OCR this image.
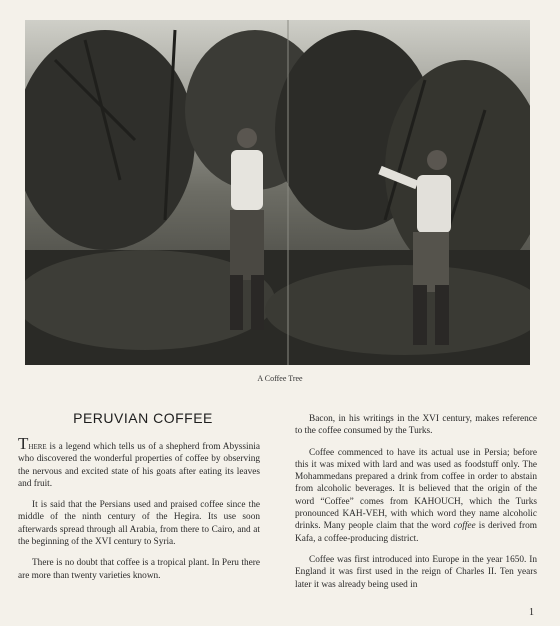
A Coffee Tree
PERUVIAN COFFEE

There is a legend which tells us of a shepherd from Abyssinia who discovered the wonderful properties of coffee by observing the nervous and excited state of his goats after eating its leaves and fruit.

It is said that the Persians used and praised coffee since the middle of the ninth century of the Hegira. Its use soon afterwards spread through all Arabia, from there to Cairo, and at the beginning of the XVI century to Syria.

There is no doubt that coffee is a tropical plant. In Peru there are more than twenty varieties known.

Bacon, in his writings in the XVI century, makes reference to the coffee consumed by the Turks.

Coffee commenced to have its actual use in Persia; before this it was mixed with lard and was used as foodstuff only. The Mohammedans prepared a drink from coffee in order to abstain from alcoholic beverages. It is believed that the origin of the word “Coffee” comes from KAHOUCH, which the Turks pronounced KAH-VEH, with which word they name alcoholic drinks. Many people claim that the word coffee is derived from Kafa, a coffee-producing district.

Coffee was first introduced into Europe in the year 1650. In England it was first used in the reign of Charles II. Ten years later it was already being used in

1
